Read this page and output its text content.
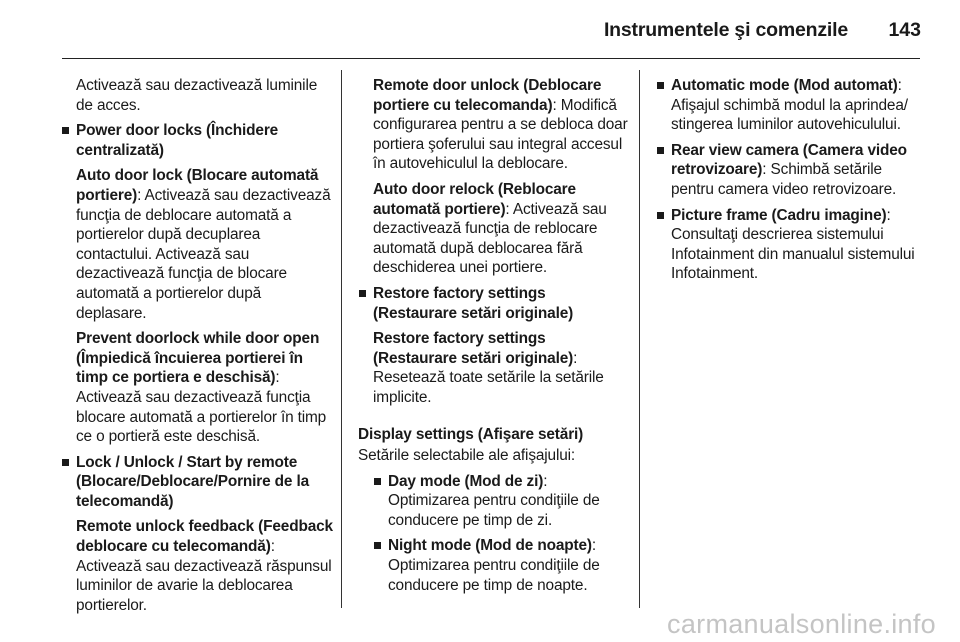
Instrumentele şi comenzile 143

Activează sau dezactivează luminile de acces.

Power door locks (Închidere centralizată)

Auto door lock (Blocare automată portiere): Activează sau dezactivează funcţia de deblocare automată a portierelor după decuplarea contactului. Activează sau dezactivează funcţia de blocare automată a portierelor după deplasare.

Prevent doorlock while door open (Împiedică încuierea portierei în timp ce portiera e deschisă): Activează sau dezactivează funcţia blocare automată a portierelor în timp ce o portieră este deschisă.

Lock / Unlock / Start by remote (Blocare/Deblocare/Pornire de la telecomandă)

Remote unlock feedback (Feedback deblocare cu telecomandă): Activează sau dezactivează răspunsul luminilor de avarie la deblocarea portierelor.

Remote door unlock (Deblocare portiere cu telecomanda): Modifică configurarea pentru a se debloca doar portiera şoferului sau integral accesul în autovehiculul la deblocare.

Auto door relock (Reblocare automată portiere): Activează sau dezactivează funcţia de reblocare automată după deblocarea fără deschiderea unei portiere.

Restore factory settings (Restaurare setări originale)

Restore factory settings (Restaurare setări originale): Resetează toate setările la setările implicite.

Display settings (Afişare setări)

Setările selectabile ale afişajului:

Day mode (Mod de zi): Optimizarea pentru condiţiile de conducere pe timp de zi.

Night mode (Mod de noapte): Optimizarea pentru condiţiile de conducere pe timp de noapte.

Automatic mode (Mod automat): Afişajul schimbă modul la aprindea/ stingerea luminilor autovehiculului.

Rear view camera (Camera video retrovizoare): Schimbă setările pentru camera video retrovizoare.

Picture frame (Cadru imagine): Consultaţi descrierea sistemului Infotainment din manualul sistemului Infotainment.

carmanualsonline.info
